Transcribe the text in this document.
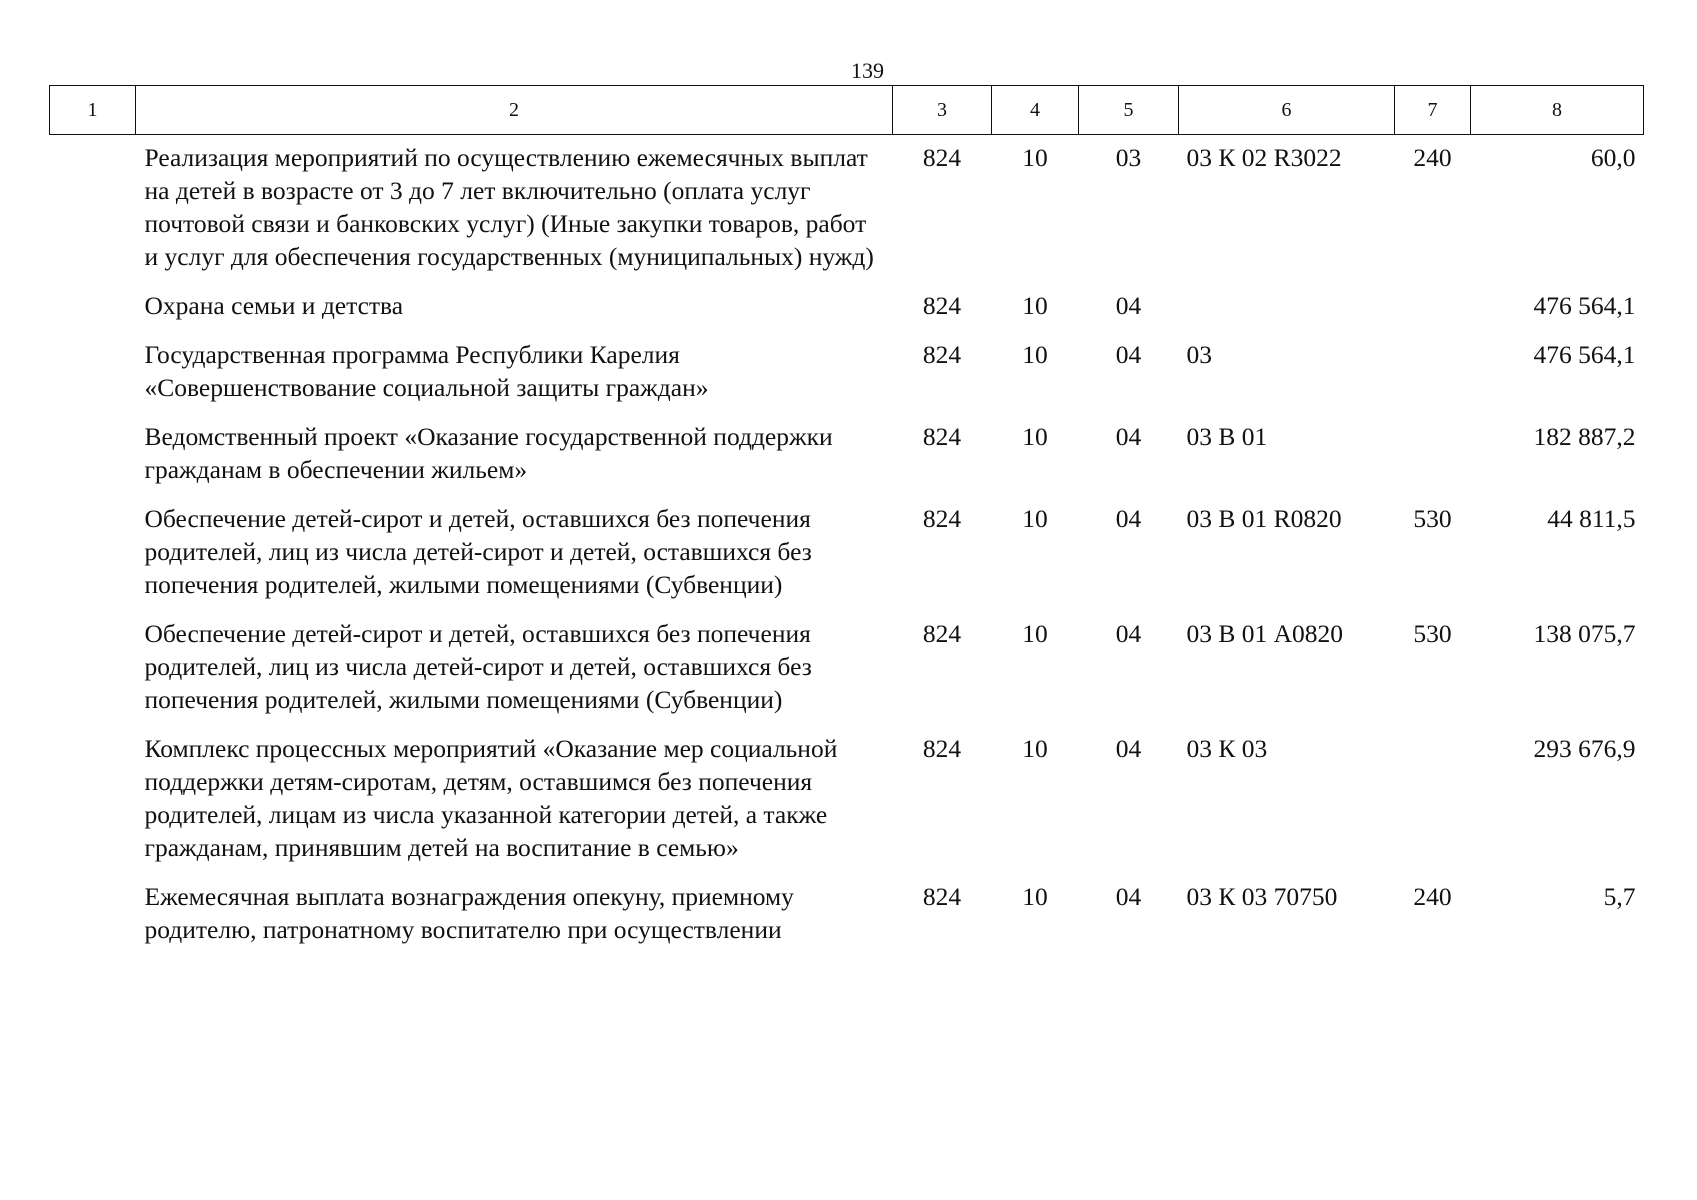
139
1	2	3	4	5	6	7	8
	Реализация мероприятий по осуществлению ежемесячных выплат на детей в возрасте от 3 до 7 лет включительно (оплата услуг почтовой связи и банковских услуг) (Иные закупки товаров, работ и услуг для обеспечения государственных (муниципальных) нужд)	824	10	03	03 К 02 R3022	240	60,0
	Охрана семьи и детства	824	10	04			476 564,1
	Государственная программа Республики Карелия «Совершенствование социальной защиты граждан»	824	10	04	03		476 564,1
	Ведомственный проект «Оказание государственной поддержки гражданам в обеспечении жильем»	824	10	04	03 В 01		182 887,2
	Обеспечение детей-сирот и детей, оставшихся без попечения родителей, лиц из числа детей-сирот и детей, оставшихся без попечения родителей, жилыми помещениями (Субвенции)	824	10	04	03 В 01 R0820	530	44 811,5
	Обеспечение детей-сирот и детей, оставшихся без попечения родителей, лиц из числа детей-сирот и детей, оставшихся без попечения родителей, жилыми помещениями (Субвенции)	824	10	04	03 В 01 А0820	530	138 075,7
	Комплекс процессных мероприятий «Оказание мер социальной поддержки детям-сиротам, детям, оставшимся без попечения родителей, лицам из числа указанной категории детей, а также гражданам, принявшим детей на воспитание в семью»	824	10	04	03 К 03		293 676,9
	Ежемесячная выплата вознаграждения опекуну, приемному родителю, патронатному воспитателю при осуществлении	824	10	04	03 К 03 70750	240	5,7
